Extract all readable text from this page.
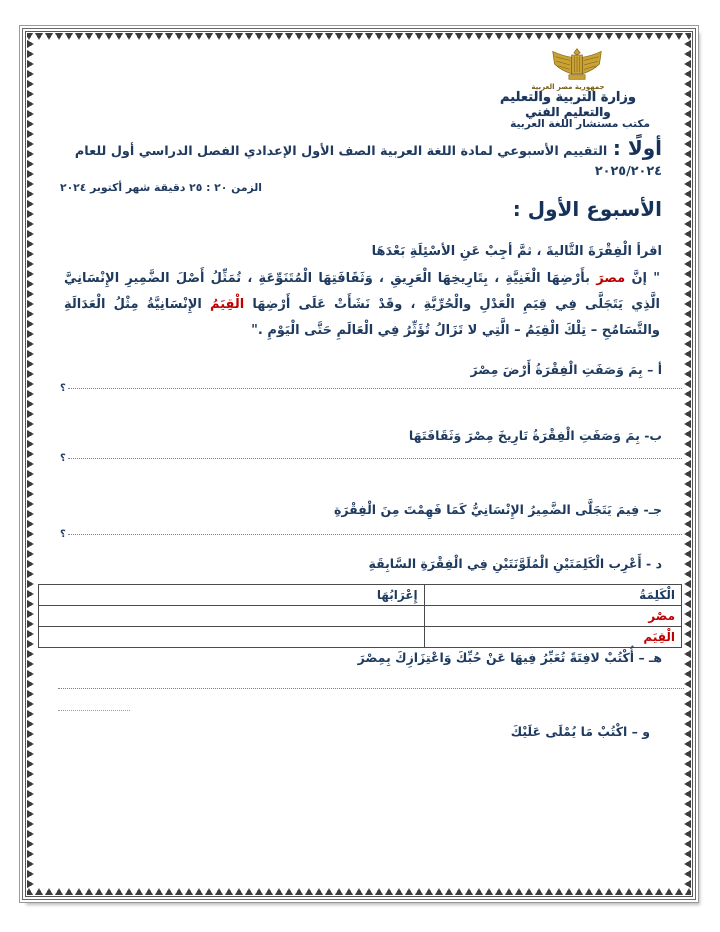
جمهورية مصر العربية
وزارة التربية والتعليم
والتعليم الفني
مكتب مستشار اللغة العربية
أولًا : التقييم الأسبوعي لمادة اللغة العربية الصف الأول الإعدادي الفصل الدراسي أول للعام ٢٠٢٥/٢٠٢٤
الزمن ٢٠ : ٢٥ دقيقة شهر أكتوبر ٢٠٢٤
الأسبوع الأول :
اقرأ الْفِقْرَةَ التَّاليةَ ، ثمَّ أجِبْ عَنِ الأسْئِلَةِ بَعْدَهَا
" إنَّ مصرَ بأَرْضِهَا الْغَنِيَّةِ ، بِتَارِيخِهَا الْعَرِيقِ ، وَثَقَافَتِهَا الْمُتَنَوِّعَةِ ، تُمَثِّلُ أَصْلَ الضَّمِيرِ الإِنْسَانِيَّ الَّذِي يَتَجَلَّى فِي قِيَمِ الْعَدْلِ والْحُرِّيَّةِ ، وقَدْ نَشَأَتْ عَلَى أَرْضِهَا الْقِيَمُ الإِنْسَانِيَّةُ مِثْلُ الْعَدَالَةِ والتَّسَامُحِ – تِلْكَ الْقِيَمُ – الَّتِي لا تَزَالُ تُؤَثِّرُ فِي الْعَالَمِ حَتَّى الْيَوْمِ ."
أ – بِمَ وَصَفَتِ الْفِقْرَةُ أَرْضَ مِصْرَ
؟
ب- بِمَ وَصَفَتِ الْفِقْرَةُ تَارِيخَ مِصْرَ وَثَقَافَتَهَا
؟
جـ- فِيمَ يَتَجَلَّى الضَّمِيرُ الإِنْسَانِيُّ كَمَا فَهِمْتَ مِنَ الْفِقْرَةِ
؟
د - أَعْرِب الْكَلِمَتَيْنِ الْمُلَوَّنَتَيْنِ فِي الْفِقْرَةِ السَّابِقَةِ
الْكَلِمَةُ	إِعْرَابُهَا
مصْر	
الْقِيَم	
هـ – أُكْتُبْ لافِتَةً تُعَبِّرُ فِيهَا عَنْ حُبِّكَ وَاعْتِزَازِكَ بِمِصْرَ
و – اكْتُبْ مَا يُمْلَى عَلَيْكَ
